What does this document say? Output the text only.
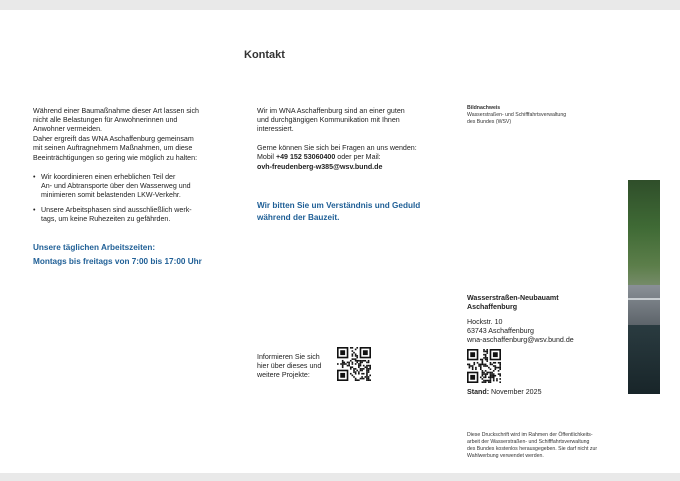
Kontakt
Während einer Baumaßnahme dieser Art lassen sich
nicht alle Belastungen für Anwohnerinnen und
Anwohner vermeiden.
Daher ergreift das WNA Aschaffenburg gemeinsam
mit seinen Auftragnehmern Maßnahmen, um diese
Beeinträchtigungen so gering wie möglich zu halten:
• Wir koordinieren einen erheblichen Teil der
An- und Abtransporte über den Wasserweg und
minimieren somit belastenden LKW-Verkehr.
• Unsere Arbeitsphasen sind ausschließlich werk-
tags, um keine Ruhezeiten zu gefährden.
Unsere täglichen Arbeitszeiten:
Montags bis freitags von 7:00 bis 17:00 Uhr
Wir im WNA Aschaffenburg sind an einer guten
und durchgängigen Kommunikation mit Ihnen
interessiert.
Gerne können Sie sich bei Fragen an uns wenden:
Mobil +49 152 53060400 oder per Mail:
ovh-freudenberg-w385@wsv.bund.de
Wir bitten Sie um Verständnis und Geduld
während der Bauzeit.
Informieren Sie sich
hier über dieses und
weitere Projekte:
Bildnachweis
Wasserstraßen- und Schifffahrtsverwaltung
des Bundes (WSV)
Wasserstraßen-Neubauamt
Aschaffenburg
Hockstr. 10
63743 Aschaffenburg
wna-aschaffenburg@wsv.bund.de
Stand: November 2025
Diese Druckschrift wird im Rahmen der Öffentlichkeits-
arbeit der Wasserstraßen- und Schifffahrtsverwaltung
des Bundes kostenlos herausgegeben. Sie darf nicht zur
Wahlwerbung verwendet werden.
